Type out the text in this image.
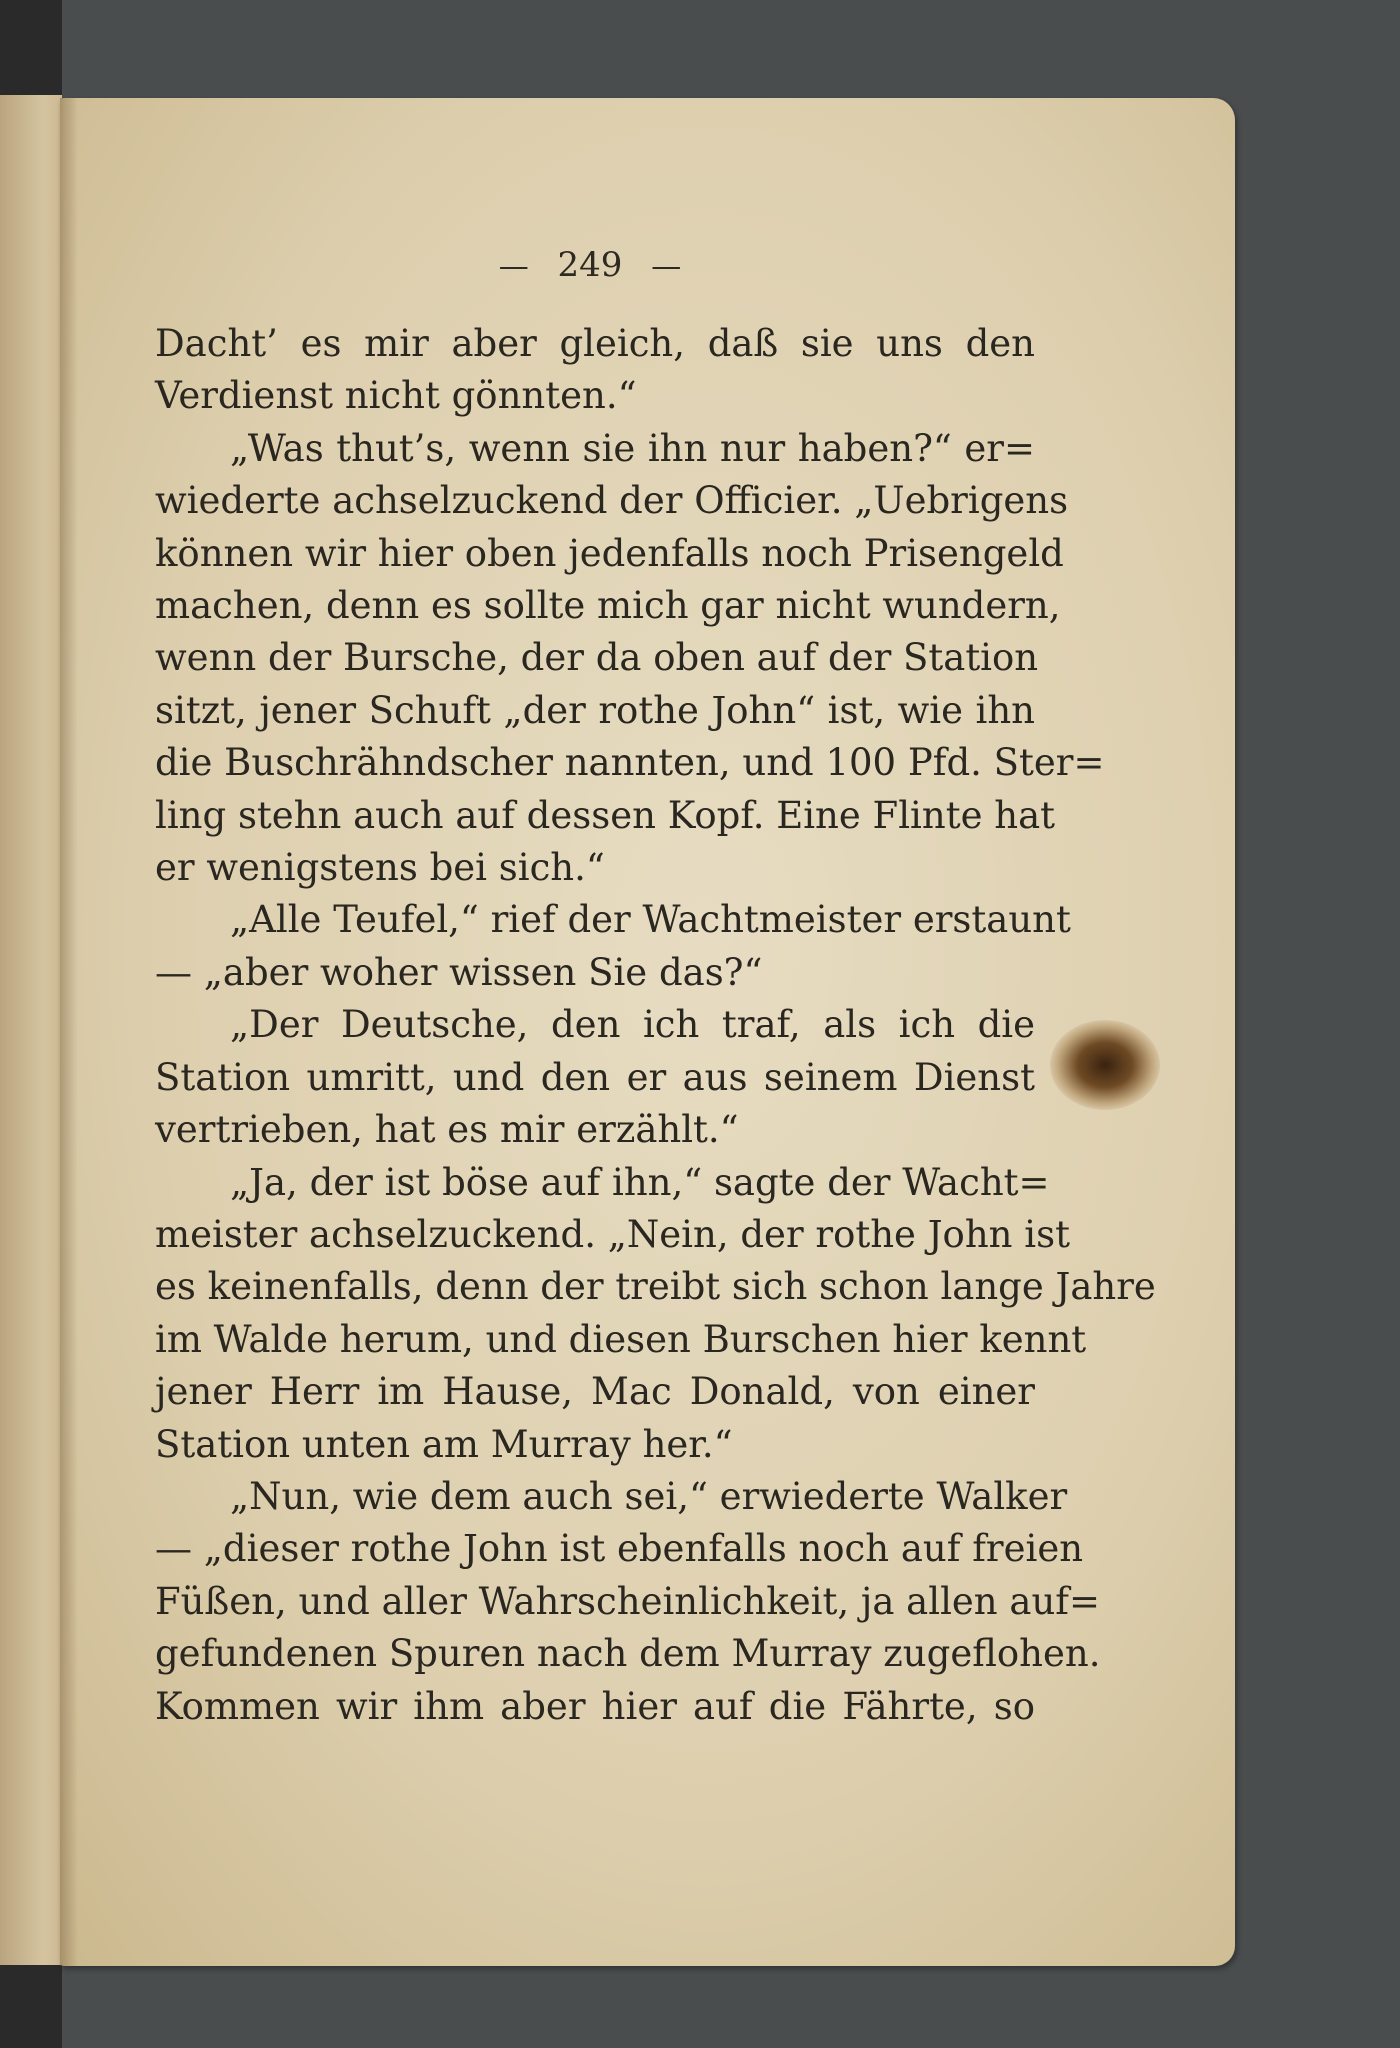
— 249 —
Dacht’ es mir aber gleich, daß sie uns den
Verdienst nicht gönnten.“
„Was thut’s, wenn sie ihn nur haben?“ er=
wiederte achselzuckend der Officier. „Uebrigens
können wir hier oben jedenfalls noch Prisengeld
machen, denn es sollte mich gar nicht wundern,
wenn der Bursche, der da oben auf der Station
sitzt, jener Schuft „der rothe John“ ist, wie ihn
die Buschrähndscher nannten, und 100 Pfd. Ster=
ling stehn auch auf dessen Kopf. Eine Flinte hat
er wenigstens bei sich.“
„Alle Teufel,“ rief der Wachtmeister erstaunt
— „aber woher wissen Sie das?“
„Der Deutsche, den ich traf, als ich die
Station umritt, und den er aus seinem Dienst
vertrieben, hat es mir erzählt.“
„Ja, der ist böse auf ihn,“ sagte der Wacht=
meister achselzuckend. „Nein, der rothe John ist
es keinenfalls, denn der treibt sich schon lange Jahre
im Walde herum, und diesen Burschen hier kennt
jener Herr im Hause, Mac Donald, von einer
Station unten am Murray her.“
„Nun, wie dem auch sei,“ erwiederte Walker
— „dieser rothe John ist ebenfalls noch auf freien
Füßen, und aller Wahrscheinlichkeit, ja allen auf=
gefundenen Spuren nach dem Murray zugeflohen.
Kommen wir ihm aber hier auf die Fährte, so
